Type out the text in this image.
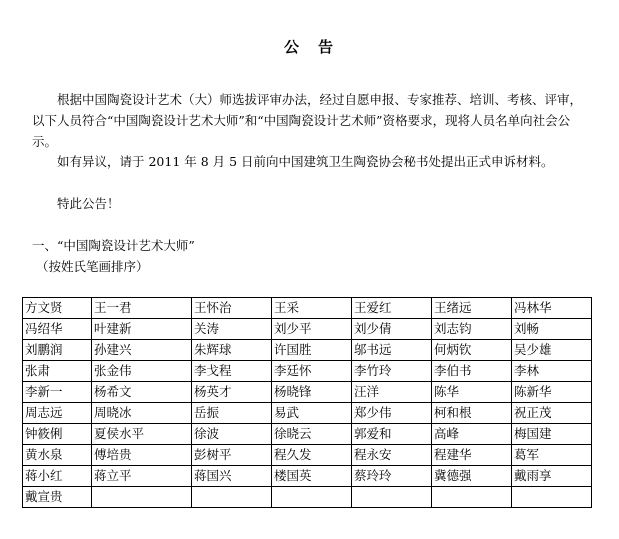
公　告

　　根据中国陶瓷设计艺术（大）师选拔评审办法，经过自愿申报、专家推荐、培训、考核、评审，以下人员符合“中国陶瓷设计艺术大师”和“中国陶瓷设计艺术师”资格要求，现将人员名单向社会公示。

　　如有异议，请于 2011 年 8 月 5 日前向中国建筑卫生陶瓷协会秘书处提出正式申诉材料。

　　特此公告！

一、“中国陶瓷设计艺术大师”

（按姓氏笔画排序）

方文贤	王一君	王怀治	王采	王爱红	王绪远	冯林华
冯绍华	叶建新	关涛	刘少平	刘少倩	刘志钧	刘畅
刘鹏润	孙建兴	朱辉球	许国胜	邬书远	何炳钦	吴少雄
张肃	张金伟	李戈程	李廷怀	李竹玲	李伯书	李林
李新一	杨希文	杨英才	杨晓锋	汪洋	陈华	陈新华
周志远	周晓冰	岳振	易武	郑少伟	柯和根	祝正茂
钟筱俐	夏侯水平	徐波	徐晓云	郭爱和	高峰	梅国建
黄水泉	傅培贵	彭树平	程久发	程永安	程建华	葛军
蒋小红	蒋立平	蒋国兴	楼国英	蔡玲玲	冀德强	戴雨享
戴宣贵						
